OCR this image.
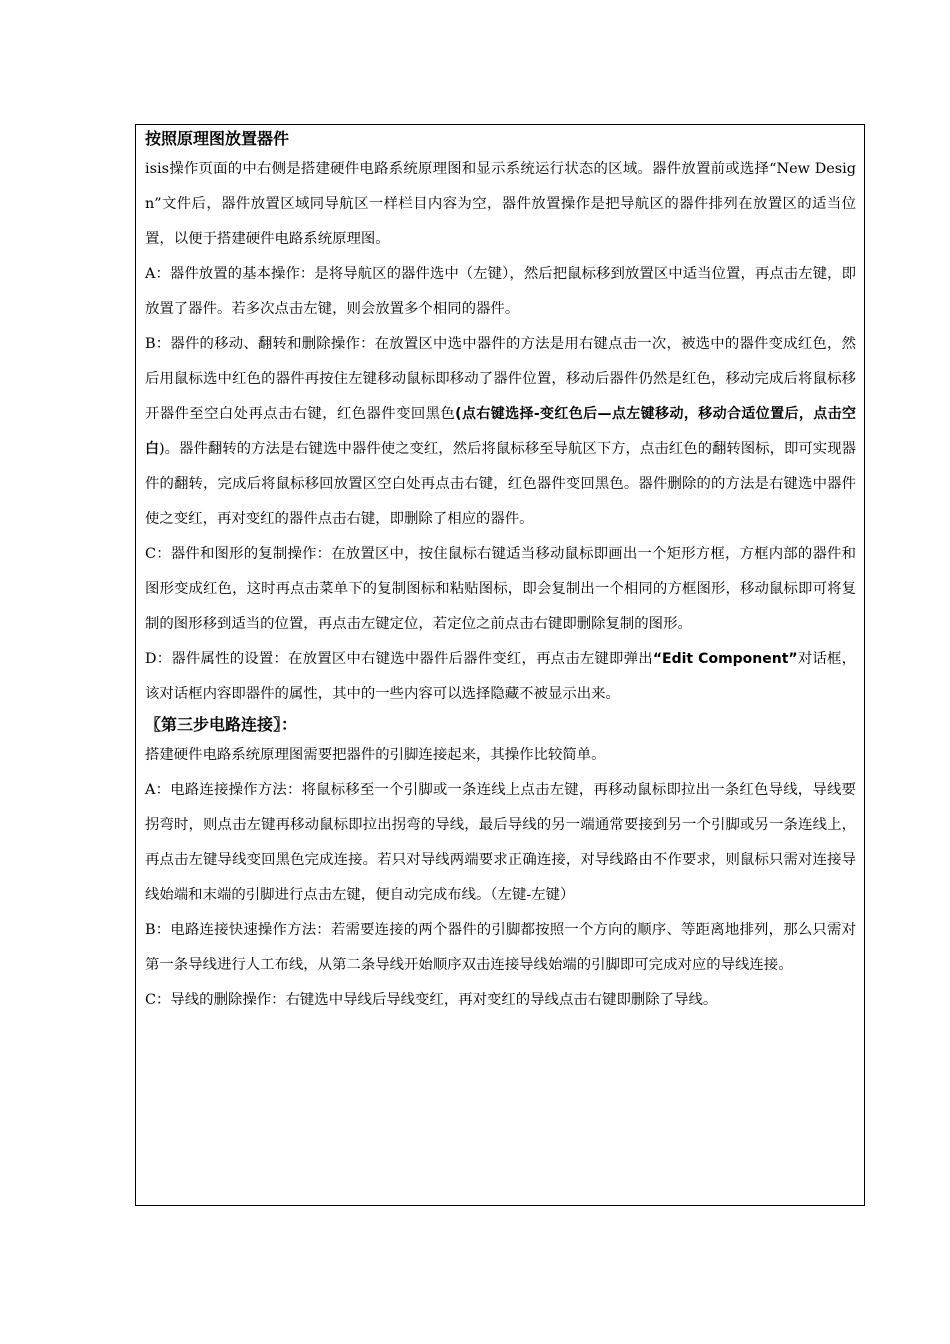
按照原理图放置器件

isis操作页面的中右侧是搭建硬件电路系统原理图和显示系统运行状态的区域。器件放置前或选择“New Design”文件后，器件放置区域同导航区一样栏目内容为空，器件放置操作是把导航区的器件排列在放置区的适当位置，以便于搭建硬件电路系统原理图。

A：器件放置的基本操作：是将导航区的器件选中（左键），然后把鼠标移到放置区中适当位置，再点击左键，即放置了器件。若多次点击左键，则会放置多个相同的器件。

B：器件的移动、翻转和删除操作：在放置区中选中器件的方法是用右键点击一次，被选中的器件变成红色，然后用鼠标选中红色的器件再按住左键移动鼠标即移动了器件位置，移动后器件仍然是红色，移动完成后将鼠标移开器件至空白处再点击右键，红色器件变回黑色(点右键选择-变红色后—点左键移动，移动合适位置后，点击空白)。器件翻转的方法是右键选中器件使之变红，然后将鼠标移至导航区下方，点击红色的翻转图标，即可实现器件的翻转，完成后将鼠标移回放置区空白处再点击右键，红色器件变回黑色。器件删除的的方法是右键选中器件使之变红，再对变红的器件点击右键，即删除了相应的器件。

C：器件和图形的复制操作：在放置区中，按住鼠标右键适当移动鼠标即画出一个矩形方框，方框内部的器件和图形变成红色，这时再点击菜单下的复制图标和粘贴图标，即会复制出一个相同的方框图形，移动鼠标即可将复制的图形移到适当的位置，再点击左键定位，若定位之前点击右键即删除复制的图形。

D：器件属性的设置：在放置区中右键选中器件后器件变红，再点击左键即弹出“Edit Component”对话框，该对话框内容即器件的属性，其中的一些内容可以选择隐藏不被显示出来。

〖第三步电路连接〗：

搭建硬件电路系统原理图需要把器件的引脚连接起来，其操作比较简单。

A：电路连接操作方法：将鼠标移至一个引脚或一条连线上点击左键，再移动鼠标即拉出一条红色导线，导线要拐弯时，则点击左键再移动鼠标即拉出拐弯的导线，最后导线的另一端通常要接到另一个引脚或另一条连线上，再点击左键导线变回黑色完成连接。若只对导线两端要求正确连接，对导线路由不作要求，则鼠标只需对连接导线始端和末端的引脚进行点击左键，便自动完成布线。（左键-左键）

B：电路连接快速操作方法：若需要连接的两个器件的引脚都按照一个方向的顺序、等距离地排列，那么只需对第一条导线进行人工布线，从第二条导线开始顺序双击连接导线始端的引脚即可完成对应的导线连接。

C：导线的删除操作：右键选中导线后导线变红，再对变红的导线点击右键即删除了导线。
